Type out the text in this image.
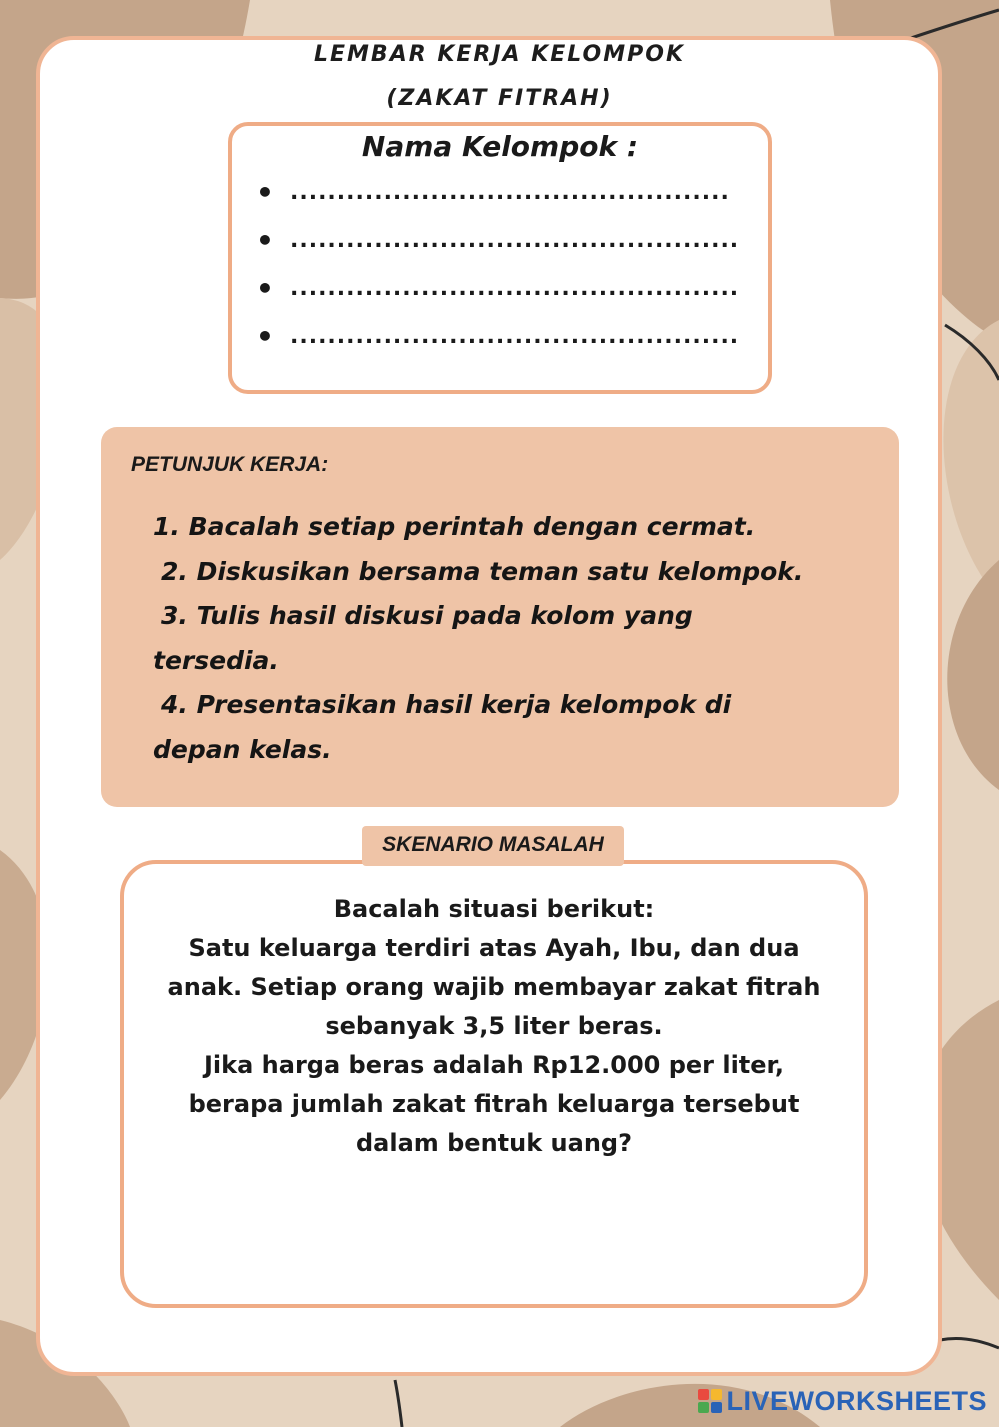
LEMBAR KERJA KELOMPOK
(ZAKAT FITRAH)
Nama Kelompok :
• ...............................................
• ................................................
• ................................................
• ................................................
PETUNJUK KERJA:
1. Bacalah setiap perintah dengan cermat.
2. Diskusikan bersama teman satu kelompok.
3. Tulis hasil diskusi pada kolom yang
tersedia.
4. Presentasikan hasil kerja kelompok di
depan kelas.
Bacalah situasi berikut:
Satu keluarga terdiri atas Ayah, Ibu, dan dua
anak. Setiap orang wajib membayar zakat fitrah
sebanyak 3,5 liter beras.
Jika harga beras adalah Rp12.000 per liter,
berapa jumlah zakat fitrah keluarga tersebut
dalam bentuk uang?
SKENARIO MASALAH
LIVEWORKSHEETS
